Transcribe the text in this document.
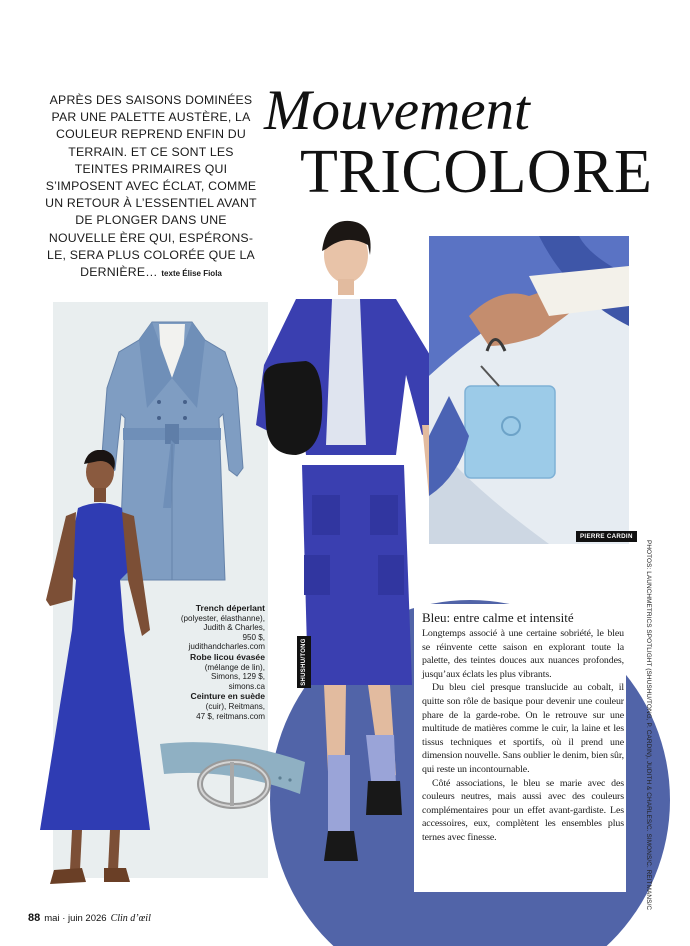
APRÈS DES SAISONS DOMINÉES PAR UNE PALETTE AUSTÈRE, LA COULEUR REPREND ENFIN DU TERRAIN. ET CE SONT LES TEINTES PRIMAIRES QUI S’IMPOSENT AVEC ÉCLAT, COMME UN RETOUR À L’ESSENTIEL AVANT DE PLONGER DANS UNE NOUVELLE ÈRE QUI, ESPÉRONS-LE, SERA PLUS COLORÉE QUE LA DERNIÈRE… texte Élise Fiola
Mouvement
TRICOLORE
PIERRE CARDIN
SHUSHU/TONG
Trench déperlant
(polyester, élasthanne),
Judith & Charles,
950 $,
judithandcharles.com
Robe licou évasée
(mélange de lin),
Simons, 129 $,
simons.ca
Ceinture en suède
(cuir), Reitmans,
47 $, reitmans.com
Bleu: entre calme et intensité

Longtemps associé à une certaine sobriété, le bleu se réinvente cette saison en explorant toute la palette, des teintes douces aux nuances profondes, jusqu’aux éclats les plus vibrants.

Du bleu ciel presque translucide au cobalt, il quitte son rôle de basique pour devenir une couleur phare de la garde-robe. On le retrouve sur une multitude de matières comme le cuir, la laine et les tissus techniques et sportifs, où il prend une dimension nouvelle. Sans oublier le denim, bien sûr, qui reste un incontournable.

Côté associations, le bleu se marie avec des couleurs neutres, mais aussi avec des couleurs complémentaires pour un effet avant-gardiste. Les accessoires, eux, complètent les ensembles plus ternes avec finesse.	PHOTOS: LAUNCHMETRICS SPOTLIGHT (SHUSHU/TONG, P. CARDIN), JUDITH & CHARLES/C. SIMONS/C. REITMANS/C
88 mai · juin 2026 Clin d’œil
